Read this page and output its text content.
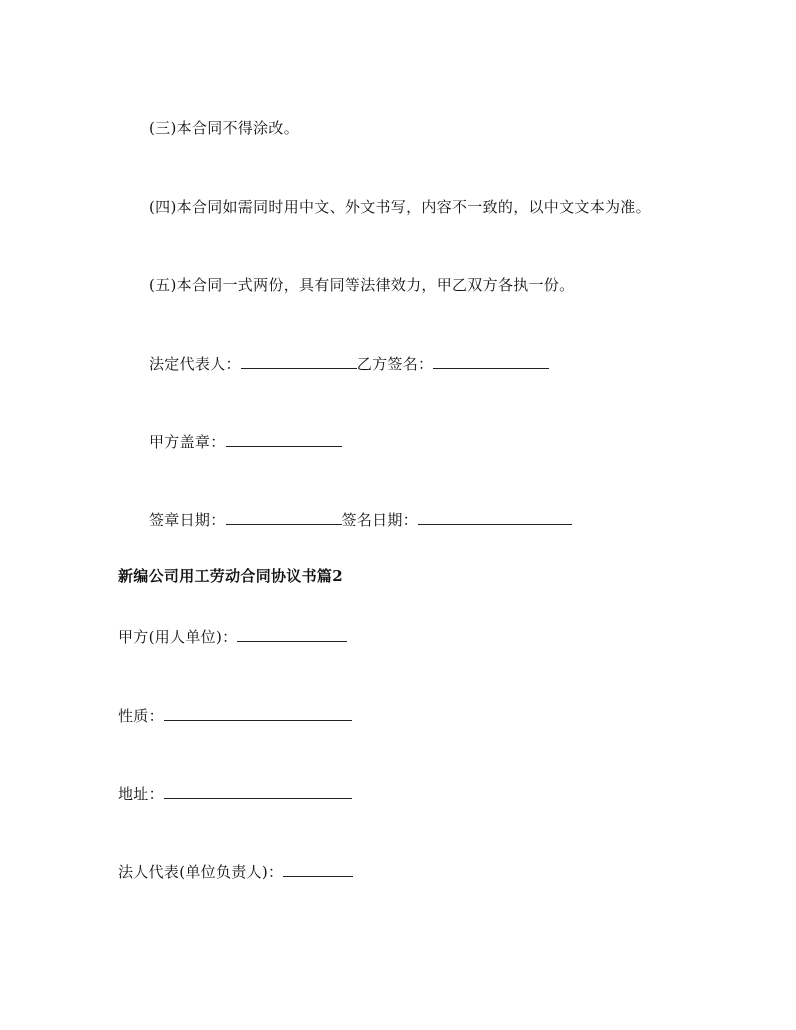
(三)本合同不得涂改。
(四)本合同如需同时用中文、外文书写，内容不一致的，以中文文本为准。
(五)本合同一式两份，具有同等法律效力，甲乙双方各执一份。
法定代表人：	乙方签名：
甲方盖章：
签章日期：	签名日期：
新编公司用工劳动合同协议书篇2
甲方(用人单位)：
性质：
地址：
法人代表(单位负责人)：
